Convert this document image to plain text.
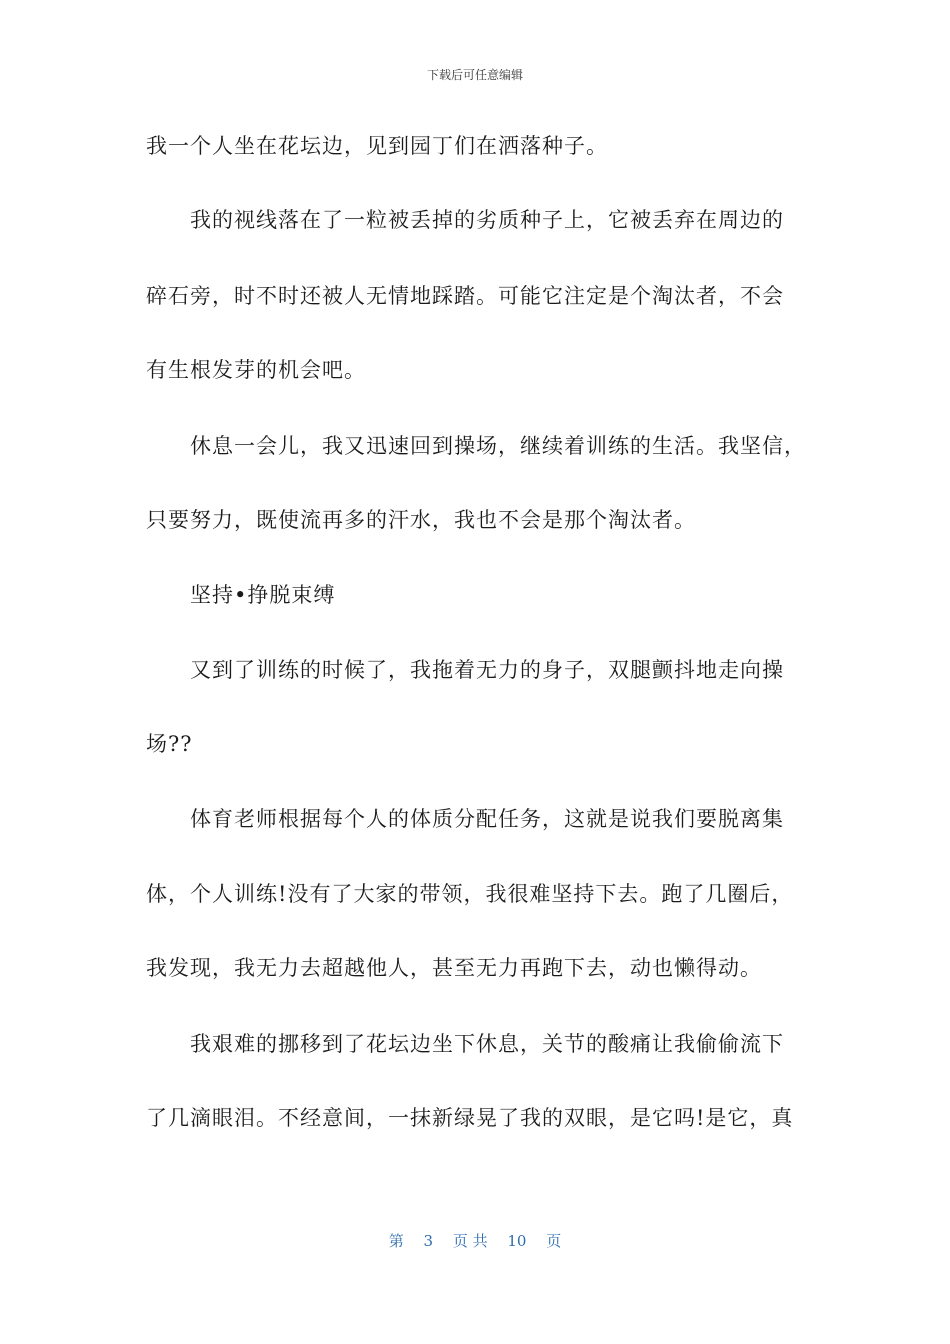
下载后可任意编辑
我一个人坐在花坛边，见到园丁们在洒落种子。
我的视线落在了一粒被丢掉的劣质种子上，它被丢弃在周边的
碎石旁，时不时还被人无情地踩踏。可能它注定是个淘汰者，不会
有生根发芽的机会吧。
休息一会儿，我又迅速回到操场，继续着训练的生活。我坚信，
只要努力，既使流再多的汗水，我也不会是那个淘汰者。
坚持•挣脱束缚
又到了训练的时候了，我拖着无力的身子，双腿颤抖地走向操
场??
体育老师根据每个人的体质分配任务，这就是说我们要脱离集
体，个人训练!没有了大家的带领，我很难坚持下去。跑了几圈后，
我发现，我无力去超越他人，甚至无力再跑下去，动也懒得动。
我艰难的挪移到了花坛边坐下休息，关节的酸痛让我偷偷流下
了几滴眼泪。不经意间，一抹新绿晃了我的双眼，是它吗!是它，真
第 3 页 共 10 页
